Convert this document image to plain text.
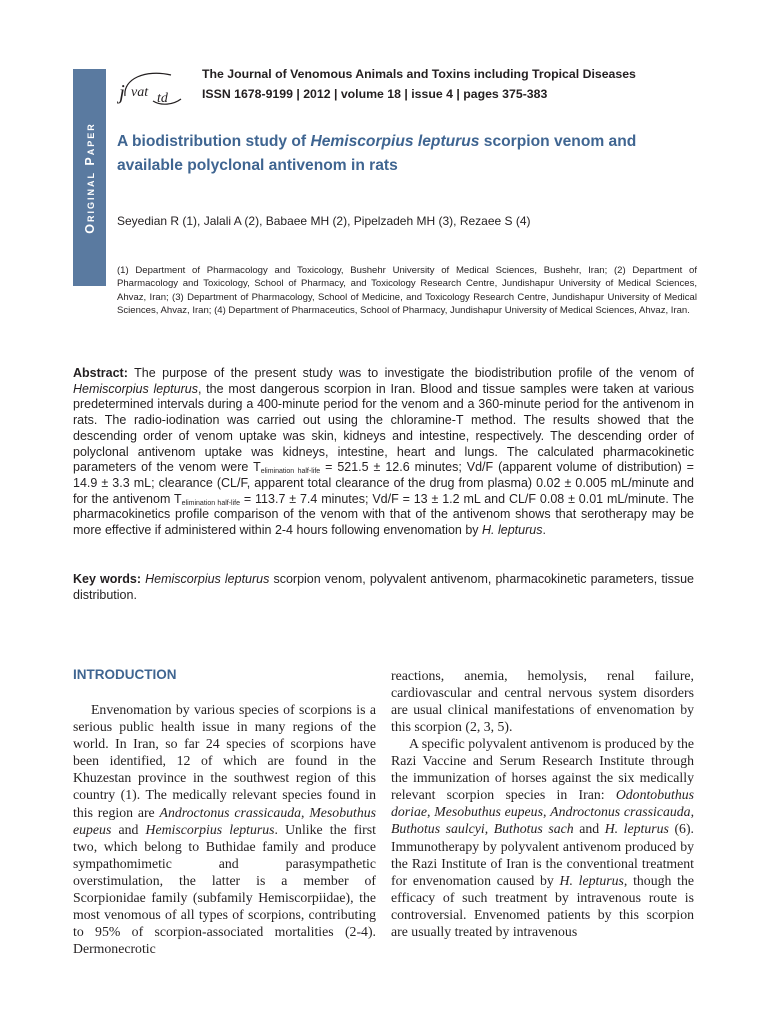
Original Paper
j vat td
The Journal of Venomous Animals and Toxins including Tropical Diseases
ISSN 1678-9199 | 2012 | volume 18 | issue 4 | pages 375-383
A biodistribution study of Hemiscorpius lepturus scorpion venom and available polyclonal antivenom in rats
Seyedian R (1), Jalali A (2), Babaee MH (2), Pipelzadeh MH (3), Rezaee S (4)
(1) Department of Pharmacology and Toxicology, Bushehr University of Medical Sciences, Bushehr, Iran; (2) Department of Pharmacology and Toxicology, School of Pharmacy, and Toxicology Research Centre, Jundishapur University of Medical Sciences, Ahvaz, Iran; (3) Department of Pharmacology, School of Medicine, and Toxicology Research Centre, Jundishapur University of Medical Sciences, Ahvaz, Iran; (4) Department of Pharmaceutics, School of Pharmacy, Jundishapur University of Medical Sciences, Ahvaz, Iran.

Abstract: The purpose of the present study was to investigate the biodistribution profile of the venom of Hemiscorpius lepturus, the most dangerous scorpion in Iran. Blood and tissue samples were taken at various predetermined intervals during a 400-minute period for the venom and a 360-minute period for the antivenom in rats. The radio-iodination was carried out using the chloramine-T method. The results showed that the descending order of venom uptake was skin, kidneys and intestine, respectively. The descending order of polyclonal antivenom uptake was kidneys, intestine, heart and lungs. The calculated pharmacokinetic parameters of the venom were $T_{elimination half-life} = 521.5 \pm 12.6$ minutes; Vd/F (apparent volume of distribution) = 14.9 ± 3.3 mL; clearance (CL/F, apparent total clearance of the drug from plasma) 0.02 ± 0.005 mL/minute and for the antivenom $T_{elimination half-life} = 113.7 \pm 7.4$ minutes; Vd/F = 13 ± 1.2 mL and CL/F 0.08 ± 0.01 mL/minute. The pharmacokinetics profile comparison of the venom with that of the antivenom shows that serotherapy may be more effective if administered within 2-4 hours following envenomation by H. lepturus.

Key words: Hemiscorpius lepturus scorpion venom, polyvalent antivenom, pharmacokinetic parameters, tissue distribution.

INTRODUCTION

Envenomation by various species of scorpions is a serious public health issue in many regions of the world. In Iran, so far 24 species of scorpions have been identified, 12 of which are found in the Khuzestan province in the southwest region of this country (1). The medically relevant species found in this region are Androctonus crassicauda, Mesobuthus eupeus and Hemiscorpius lepturus. Unlike the first two, which belong to Buthidae family and produce sympathomimetic and parasympathetic overstimulation, the latter is a member of Scorpionidae family (subfamily Hemiscorpiidae), the most venomous of all types of scorpions, contributing to 95% of scorpion-associated mortalities (2-4). Dermonecrotic

reactions, anemia, hemolysis, renal failure, cardiovascular and central nervous system disorders are usual clinical manifestations of envenomation by this scorpion (2, 3, 5).

A specific polyvalent antivenom is produced by the Razi Vaccine and Serum Research Institute through the immunization of horses against the six medically relevant scorpion species in Iran: Odontobuthus doriae, Mesobuthus eupeus, Androctonus crassicauda, Buthotus saulcyi, Buthotus sach and H. lepturus (6). Immunotherapy by polyvalent antivenom produced by the Razi Institute of Iran is the conventional treatment for envenomation caused by H. lepturus, though the efficacy of such treatment by intravenous route is controversial. Envenomed patients by this scorpion are usually treated by intravenous
